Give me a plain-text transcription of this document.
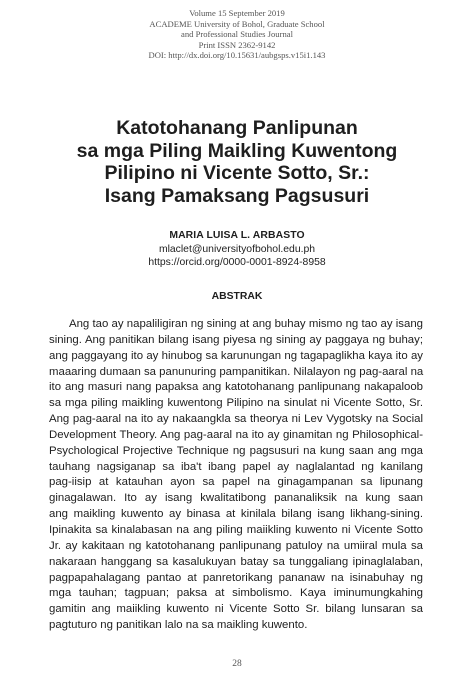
Volume 15 September 2019
ACADEME University of Bohol, Graduate School
and Professional Studies Journal
Print ISSN 2362-9142
DOI: http://dx.doi.org/10.15631/aubgsps.v15i1.143
Katotohanang Panlipunan
sa mga Piling Maikling Kuwentong
Pilipino ni Vicente Sotto, Sr.:
Isang Pamaksang Pagsusuri
MARIA LUISA L. ARBASTO
mlaclet@universityofbohol.edu.ph
https://orcid.org/0000-0001-8924-8958
ABSTRAK
Ang tao ay napaliligiran ng sining at ang buhay mismo ng tao ay isang
sining. Ang panitikan bilang isang piyesa ng sining ay paggaya ng buhay;
ang paggayang ito ay hinubog sa karunungan ng tagapaglikha kaya ito ay
maaaring dumaan sa panunuring pampanitikan. Nilalayon ng pag-aaral na
ito ang masuri nang papaksa ang katotohanang panlipunang nakapaloob
sa mga piling maikling kuwentong Pilipino na sinulat ni Vicente Sotto, Sr.
Ang pag-aaral na ito ay nakaangkla sa theorya ni Lev Vygotsky na Social
Development Theory. Ang pag-aaral na ito ay ginamitan ng Philosophical-
Psychological Projective Technique ng pagsusuri na kung saan ang mga
tauhang nagsiganap sa iba't ibang papel ay naglalantad ng kanilang
pag-iisip at katauhan ayon sa papel na ginagampanan sa lipunang
ginagalawan. Ito ay isang kwalitatibong pananaliksik na kung saan
ang maikling kuwento ay binasa at kinilala bilang isang likhang-sining.
Ipinakita sa kinalabasan na ang piling maiikling kuwento ni Vicente Sotto
Jr. ay kakitaan ng katotohanang panlipunang patuloy na umiiral mula sa
nakaraan hanggang sa kasalukuyan batay sa tunggaliang ipinaglalaban,
pagpapahalagang pantao at panretorikang pananaw na isinabuhay ng
mga tauhan; tagpuan; paksa at simbolismo. Kaya iminumungkahing
gamitin ang maiikling kuwento ni Vicente Sotto Sr. bilang lunsaran sa
pagtuturo ng panitikan lalo na sa maikling kuwento.
28
